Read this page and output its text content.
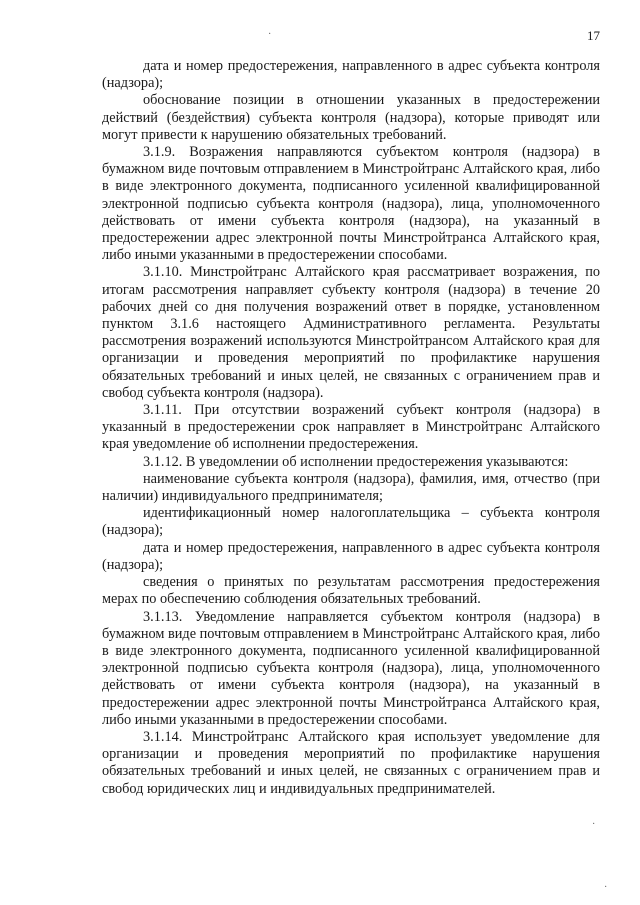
·	17

дата и номер предостережения, направленного в адрес субъекта контроля (надзора);

обоснование позиции в отношении указанных в предостережении действий (бездействия) субъекта контроля (надзора), которые приводят или могут привести к нарушению обязательных требований.

3.1.9. Возражения направляются субъектом контроля (надзора) в бумажном виде почтовым отправлением в Минстройтранс Алтайского края, либо в виде электронного документа, подписанного усиленной квалифицированной электронной подписью субъекта контроля (надзора), лица, уполномоченного действовать от имени субъекта контроля (надзора), на указанный в предостережении адрес электронной почты Минстройтранса Алтайского края, либо иными указанными в предостережении способами.

3.1.10. Минстройтранс Алтайского края рассматривает возражения, по итогам рассмотрения направляет субъекту контроля (надзора) в течение 20 рабочих дней со дня получения возражений ответ в порядке, установленном пунктом 3.1.6 настоящего Административного регламента. Результаты рассмотрения возражений используются Минстройтрансом Алтайского края для организации и проведения мероприятий по профилактике нарушения обязательных требований и иных целей, не связанных с ограничением прав и свобод субъекта контроля (надзора).

3.1.11. При отсутствии возражений субъект контроля (надзора) в указанный в предостережении срок направляет в Минстройтранс Алтайского края уведомление об исполнении предостережения.

3.1.12. В уведомлении об исполнении предостережения указываются:

наименование субъекта контроля (надзора), фамилия, имя, отчество (при наличии) индивидуального предпринимателя;

идентификационный номер налогоплательщика – субъекта контроля (надзора);

дата и номер предостережения, направленного в адрес субъекта контроля (надзора);

сведения о принятых по результатам рассмотрения предостережения мерах по обеспечению соблюдения обязательных требований.

3.1.13. Уведомление направляется субъектом контроля (надзора) в бумажном виде почтовым отправлением в Минстройтранс Алтайского края, либо в виде электронного документа, подписанного усиленной квалифицированной электронной подписью субъекта контроля (надзора), лица, уполномоченного действовать от имени субъекта контроля (надзора), на указанный в предостережении адрес электронной почты Минстройтранса Алтайского края, либо иными указанными в предостережении способами.

3.1.14. Минстройтранс Алтайского края использует уведомление для организации и проведения мероприятий по профилактике нарушения обязательных требований и иных целей, не связанных с ограничением прав и свобод юридических лиц и индивидуальных предпринимателей.

·
·
